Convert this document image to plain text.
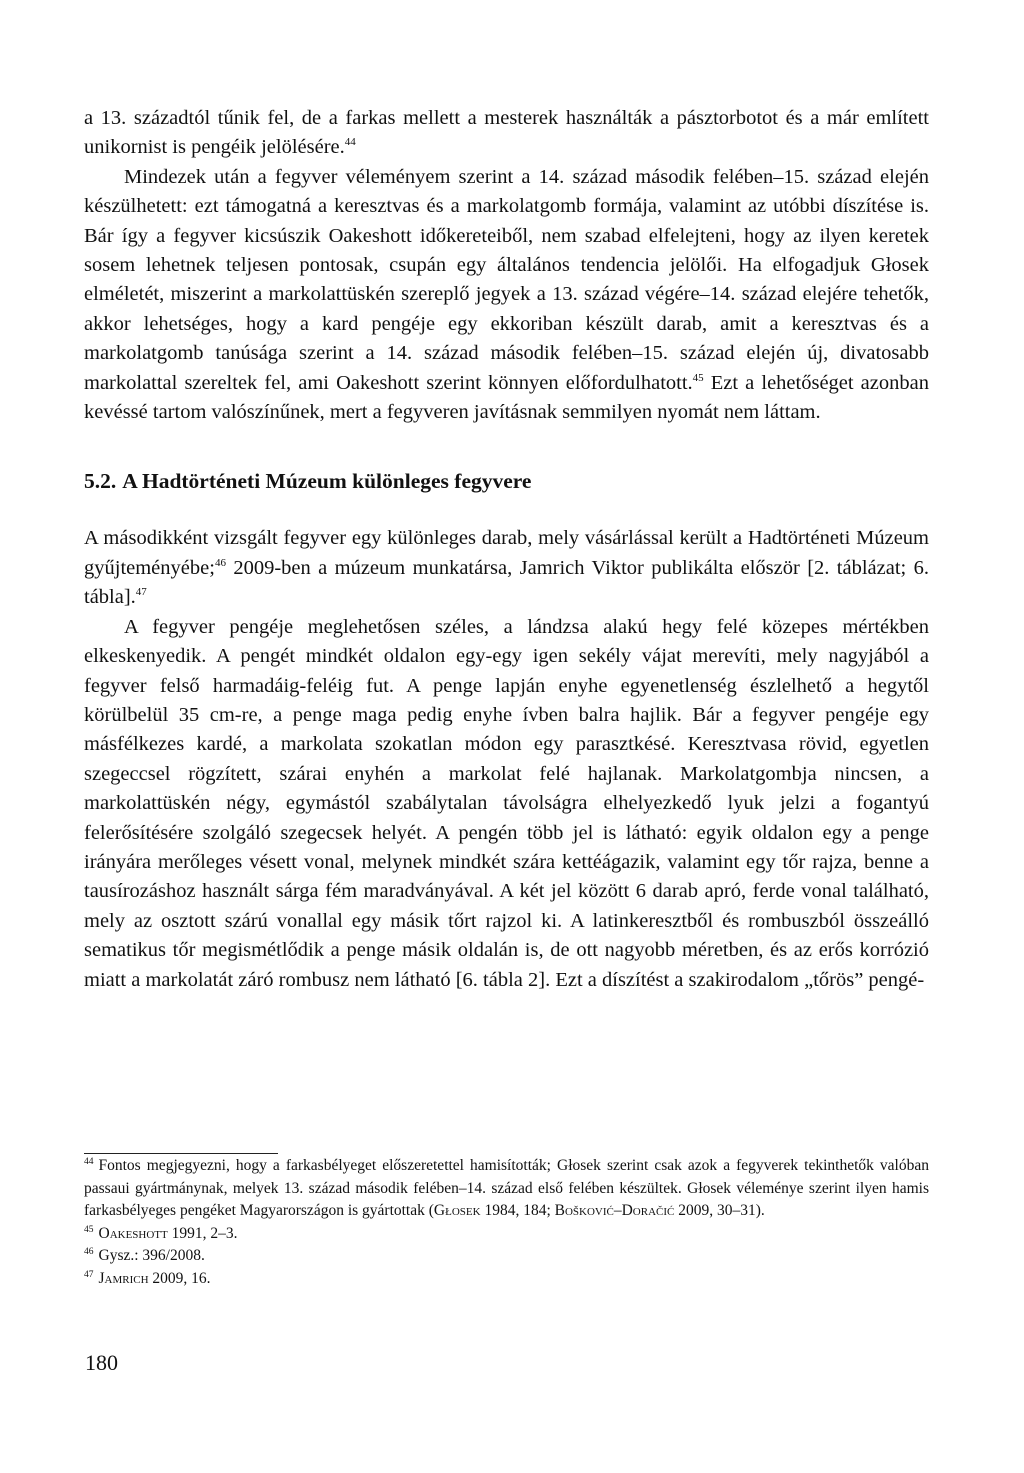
a 13. századtól tűnik fel, de a farkas mellett a mesterek használták a pásztorbotot és a már említett unikornist is pengéik jelölésére.$^{44}$

Mindezek után a fegyver véleményem szerint a 14. század második felében–15. század elején készülhetett: ezt támogatná a keresztvas és a markolatgomb formája, valamint az utóbbi díszítése is. Bár így a fegyver kicsúszik Oakeshott időkereteiből, nem szabad elfelejteni, hogy az ilyen keretek sosem lehetnek teljesen pontosak, csupán egy általános tendencia jelölői. Ha elfogadjuk Głosek elméletét, miszerint a markolattüskén szereplő jegyek a 13. század végére–14. század elejére tehetők, akkor lehetséges, hogy a kard pengéje egy ekkoriban készült darab, amit a keresztvas és a markolatgomb tanúsága szerint a 14. század második felében–15. század elején új, divatosabb markolattal szereltek fel, ami Oakeshott szerint könnyen előfordulhatott.$^{45}$ Ezt a lehetőséget azonban kevéssé tartom valószínűnek, mert a fegyveren javításnak semmilyen nyomát nem láttam.

5.2. A Hadtörténeti Múzeum különleges fegyvere

A másodikként vizsgált fegyver egy különleges darab, mely vásárlással került a Hadtörténeti Múzeum gyűjteményébe;$^{46}$ 2009-ben a múzeum munkatársa, Jamrich Viktor publikálta először [2. táblázat; 6. tábla].$^{47}$

A fegyver pengéje meglehetősen széles, a lándzsa alakú hegy felé közepes mértékben elkeskenyedik. A pengét mindkét oldalon egy-egy igen sekély vájat merevíti, mely nagyjából a fegyver felső harmadáig-feléig fut. A penge lapján enyhe egyenetlenség észlelhető a hegytől körülbelül 35 cm-re, a penge maga pedig enyhe ívben balra hajlik. Bár a fegyver pengéje egy másfélkezes kardé, a markolata szokatlan módon egy parasztkésé. Keresztvasa rövid, egyetlen szegeccsel rögzített, szárai enyhén a markolat felé hajlanak. Markolatgombja nincsen, a markolattüskén négy, egymástól szabálytalan távolságra elhelyezkedő lyuk jelzi a fogantyú felerősítésére szolgáló szegecsek helyét. A pengén több jel is látható: egyik oldalon egy a penge irányára merőleges vésett vonal, melynek mindkét szára kettéágazik, valamint egy tőr rajza, benne a tausírozáshoz használt sárga fém maradványával. A két jel között 6 darab apró, ferde vonal található, mely az osztott szárú vonallal egy másik tőrt rajzol ki. A latinkeresztből és rombuszból összeálló sematikus tőr megismétlődik a penge másik oldalán is, de ott nagyobb méretben, és az erős korrózió miatt a markolatát záró rombusz nem látható [6. tábla 2]. Ezt a díszítést a szakirodalom „tőrös” pengé-

$^{44}$ Fontos megjegyezni, hogy a farkasbélyeget előszeretettel hamisították; Głosek szerint csak azok a fegyverek tekinthetők valóban passaui gyártmánynak, melyek 13. század második felében–14. század első felében készültek. Głosek véleménye szerint ilyen hamis farkasbélyeges pengéket Magyarországon is gyártottak (Głosek 1984, 184; Bošković–Doračić 2009, 30–31).

$^{45}$ Oakeshott 1991, 2–3.

$^{46}$ Gysz.: 396/2008.

$^{47}$ Jamrich 2009, 16.

180
